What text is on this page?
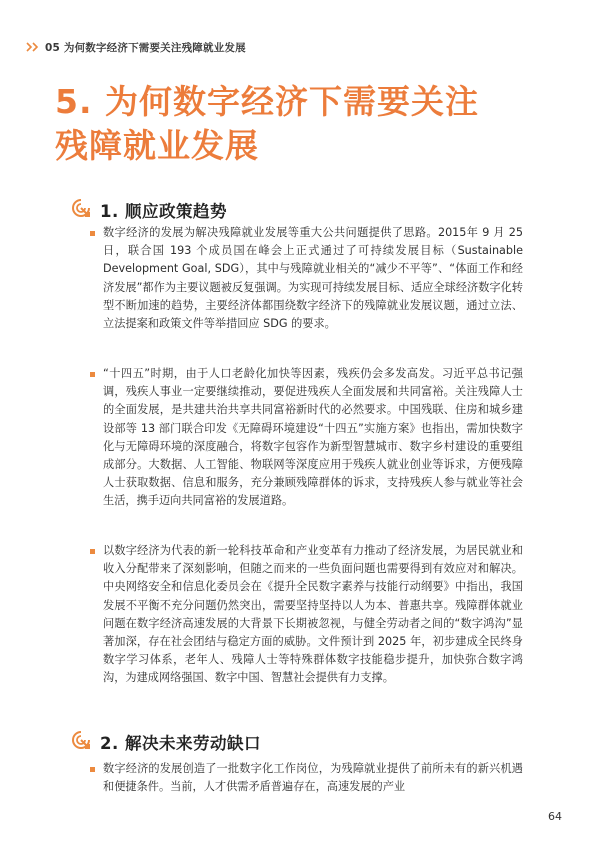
05 为何数字经济下需要关注残障就业发展
5. 为何数字经济下需要关注
残障就业发展
1. 顺应政策趋势
数字经济的发展为解决残障就业发展等重大公共问题提供了思路。2015年 9 月 25 日，联合国 193 个成员国在峰会上正式通过了可持续发展目标（Sustainable Development Goal, SDG），其中与残障就业相关的“减少不平等”、“体面工作和经济发展”都作为主要议题被反复强调。为实现可持续发展目标、适应全球经济数字化转型不断加速的趋势，主要经济体都围绕数字经济下的残障就业发展议题，通过立法、立法提案和政策文件等举措回应 SDG 的要求。
“十四五”时期，由于人口老龄化加快等因素，残疾仍会多发高发。习近平总书记强调，残疾人事业一定要继续推动，要促进残疾人全面发展和共同富裕。关注残障人士的全面发展，是共建共治共享共同富裕新时代的必然要求。中国残联、住房和城乡建设部等 13 部门联合印发《无障碍环境建设“十四五”实施方案》也指出，需加快数字化与无障碍环境的深度融合，将数字包容作为新型智慧城市、数字乡村建设的重要组成部分。大数据、人工智能、物联网等深度应用于残疾人就业创业等诉求，方便残障人士获取数据、信息和服务，充分兼顾残障群体的诉求，支持残疾人参与就业等社会生活，携手迈向共同富裕的发展道路。
以数字经济为代表的新一轮科技革命和产业变革有力推动了经济发展，为居民就业和收入分配带来了深刻影响，但随之而来的一些负面问题也需要得到有效应对和解决。中央网络安全和信息化委员会在《提升全民数字素养与技能行动纲要》中指出，我国发展不平衡不充分问题仍然突出，需要坚持坚持以人为本、普惠共享。残障群体就业问题在数字经济高速发展的大背景下长期被忽视，与健全劳动者之间的“数字鸿沟”显著加深，存在社会团结与稳定方面的威胁。文件预计到 2025 年，初步建成全民终身数字学习体系，老年人、残障人士等特殊群体数字技能稳步提升，加快弥合数字鸿沟，为建成网络强国、数字中国、智慧社会提供有力支撑。
2. 解决未来劳动缺口
数字经济的发展创造了一批数字化工作岗位，为残障就业提供了前所未有的新兴机遇和便捷条件。当前，人才供需矛盾普遍存在，高速发展的产业
64
